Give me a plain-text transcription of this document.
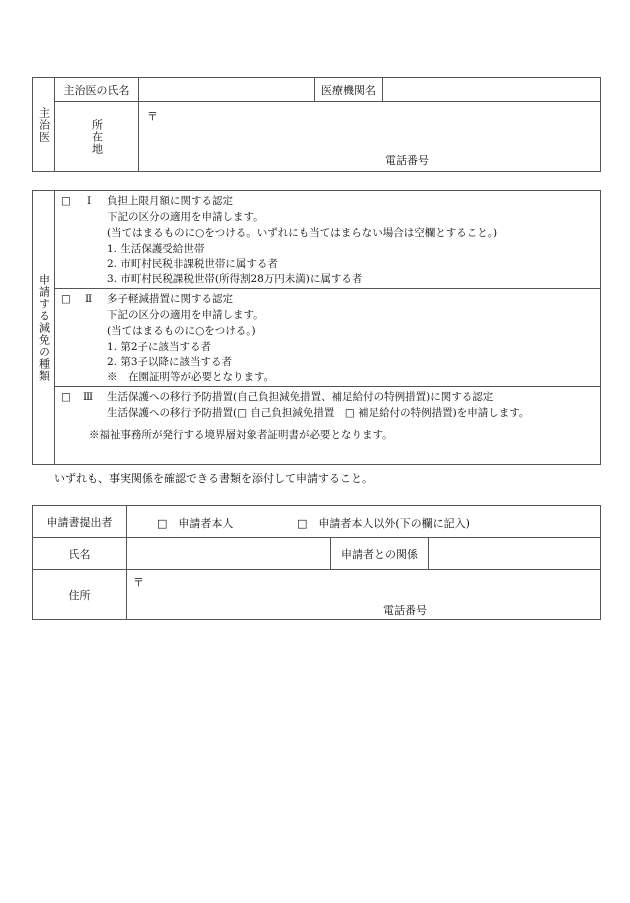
主治医	主治医の氏名		医療機関名	
	所在地	〒
電話番号		
申請する減免の種類	
□ Ⅰ 負担上限月額に関する認定
下記の区分の適用を申請します。
(当てはまるものに○をつける。いずれにも当てはまらない場合は空欄とすること。)
1. 生活保護受給世帯
2. 市町村民税非課税世帯に属する者
3. 市町村民税課税世帯(所得割28万円未満)に属する者

□ Ⅱ 多子軽減措置に関する認定
下記の区分の適用を申請します。
(当てはまるものに○をつける。)
1. 第2子に該当する者
2. 第3子以降に該当する者
※　在園証明等が必要となります。

□ Ⅲ 生活保護への移行予防措置(自己負担減免措置、補足給付の特例措置)に関する認定
生活保護への移行予防措置(□ 自己負担減免措置　□ 補足給付の特例措置)を申請します。
※福祉事務所が発行する境界層対象者証明書が必要となります。
いずれも、事実関係を確認できる書類を添付して申請すること。
申請書提出者	□　申請者本人 □　申請者本人以外(下の欄に記入)		

氏名		申請者との関係	
住所	〒
電話番号		
